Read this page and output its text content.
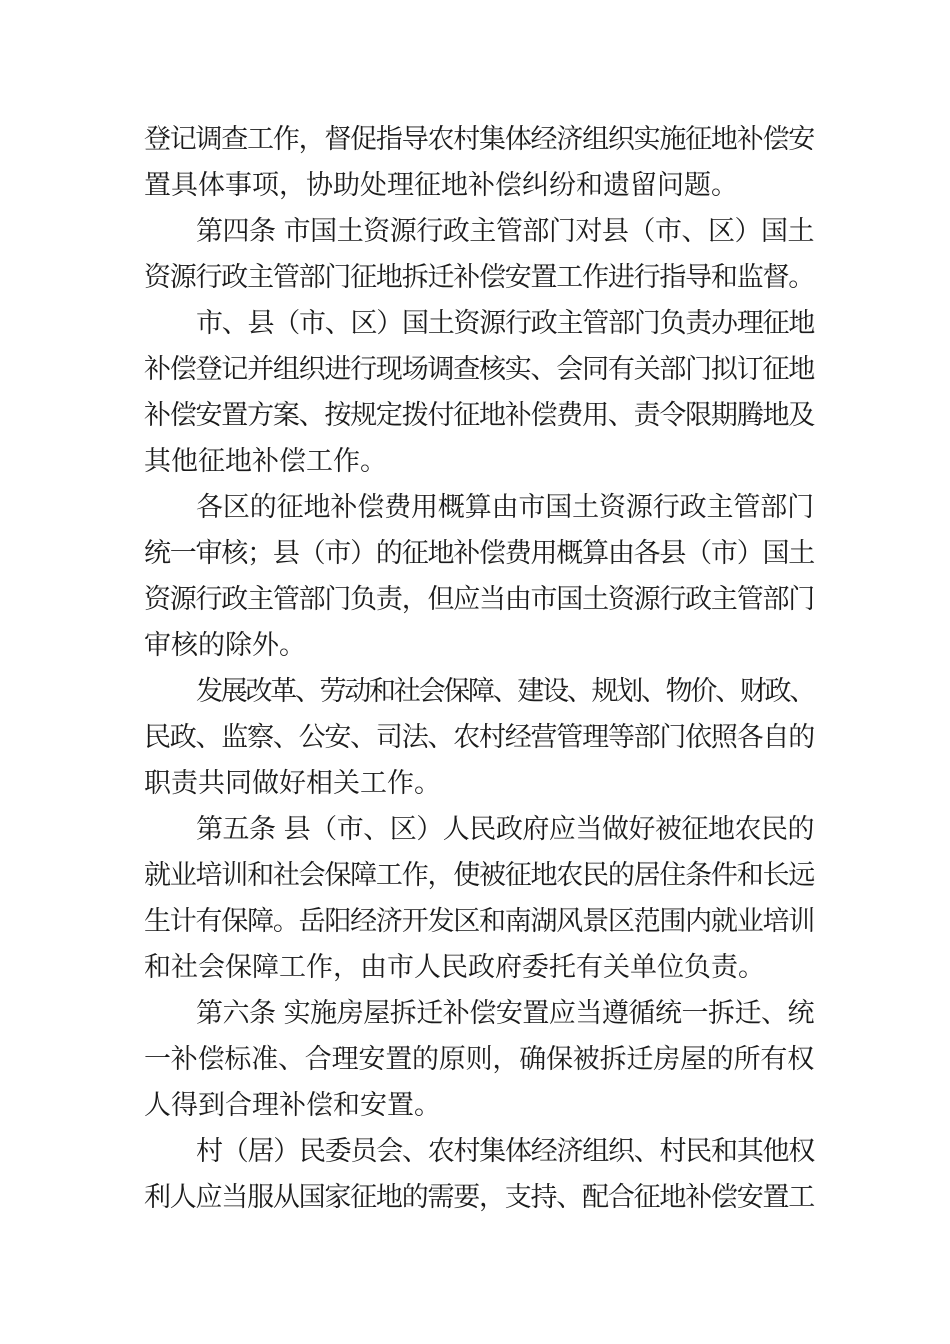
登记调查工作，督促指导农村集体经济组织实施征地补偿安
置具体事项，协助处理征地补偿纠纷和遗留问题。
第四条 市国土资源行政主管部门对县（市、区）国土
资源行政主管部门征地拆迁补偿安置工作进行指导和监督。
市、县（市、区）国土资源行政主管部门负责办理征地
补偿登记并组织进行现场调查核实、会同有关部门拟订征地
补偿安置方案、按规定拨付征地补偿费用、责令限期腾地及
其他征地补偿工作。
各区的征地补偿费用概算由市国土资源行政主管部门
统一审核；县（市）的征地补偿费用概算由各县（市）国土
资源行政主管部门负责，但应当由市国土资源行政主管部门
审核的除外。
发展改革、劳动和社会保障、建设、规划、物价、财政、
民政、监察、公安、司法、农村经营管理等部门依照各自的
职责共同做好相关工作。
第五条 县（市、区）人民政府应当做好被征地农民的
就业培训和社会保障工作，使被征地农民的居住条件和长远
生计有保障。岳阳经济开发区和南湖风景区范围内就业培训
和社会保障工作，由市人民政府委托有关单位负责。
第六条 实施房屋拆迁补偿安置应当遵循统一拆迁、统
一补偿标准、合理安置的原则，确保被拆迁房屋的所有权
人得到合理补偿和安置。
村（居）民委员会、农村集体经济组织、村民和其他权
利人应当服从国家征地的需要，支持、配合征地补偿安置工
